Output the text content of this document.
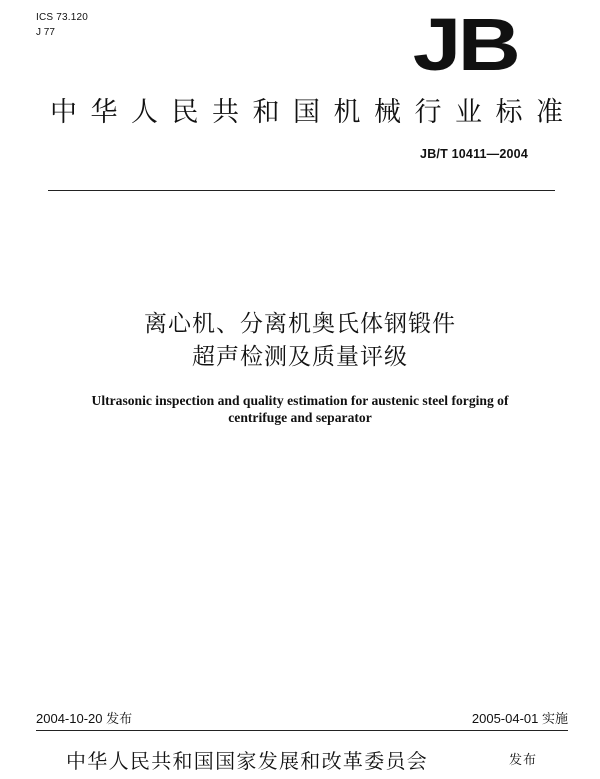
ICS 73.120
J 77	JB
中华人民共和国机械行业标准
JB/T 10411—2004
离心机、分离机奥氏体钢锻件
超声检测及质量评级
Ultrasonic inspection and quality estimation for austenic steel forging of
centrifuge and separator
2004-10-20 发布	2005-04-01 实施
中华人民共和国国家发展和改革委员会	发布
